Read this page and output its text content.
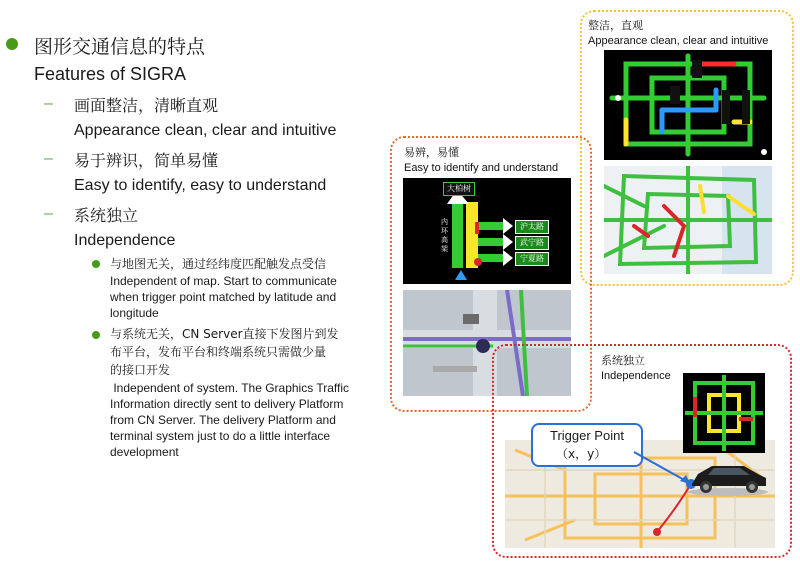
图形交通信息的特点
Features of SIGRA
– 画面整洁，清晰直观
Appearance clean, clear and intuitive
– 易于辨识，简单易懂
Easy to identify, easy to understand
– 系统独立
Independence
与地图无关，通过经纬度匹配触发点受信
Independent of map. Start to communicate
when trigger point matched by latitude and
longitude
与系统无关，CN Server直接下发图片到发
布平台，发布平台和终端系统只需做少量
的接口开发
Independent of system. The Graphics Traffic
Information directly sent to delivery Platform
from CN Server. The delivery Platform and
terminal system just to do a little interface
development
整洁，直观
Appearance clean, clear and intuitive
易辨，易懂
Easy to identify and understand
大柏树
内环高架
沪太路
武宁路
宁夏路
系统独立
Independence
Trigger Point
（x，y）
